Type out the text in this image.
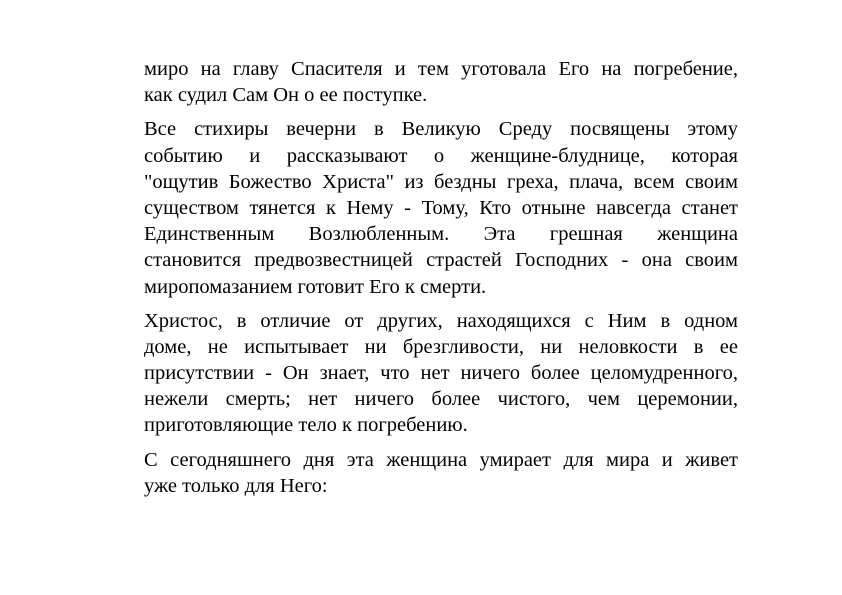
миро на главу Спасителя и тем уготовала Его на погребение,
как судил Сам Он о ее поступке.
Все стихиры вечерни в Великую Среду посвящены этому
событию и рассказывают о женщине-блуднице, которая
"ощутив Божество Христа" из бездны греха, плача, всем своим
существом тянется к Нему - Тому, Кто отныне навсегда станет
Единственным Возлюбленным. Эта грешная женщина
становится предвозвестницей страстей Господних - она своим
миропомазанием готовит Его к смерти.
Христос, в отличие от других, находящихся с Ним в одном
доме, не испытывает ни брезгливости, ни неловкости в ее
присутствии - Он знает, что нет ничего более целомудренного,
нежели смерть; нет ничего более чистого, чем церемонии,
приготовляющие тело к погребению.
С сегодняшнего дня эта женщина умирает для мира и живет
уже только для Него:
